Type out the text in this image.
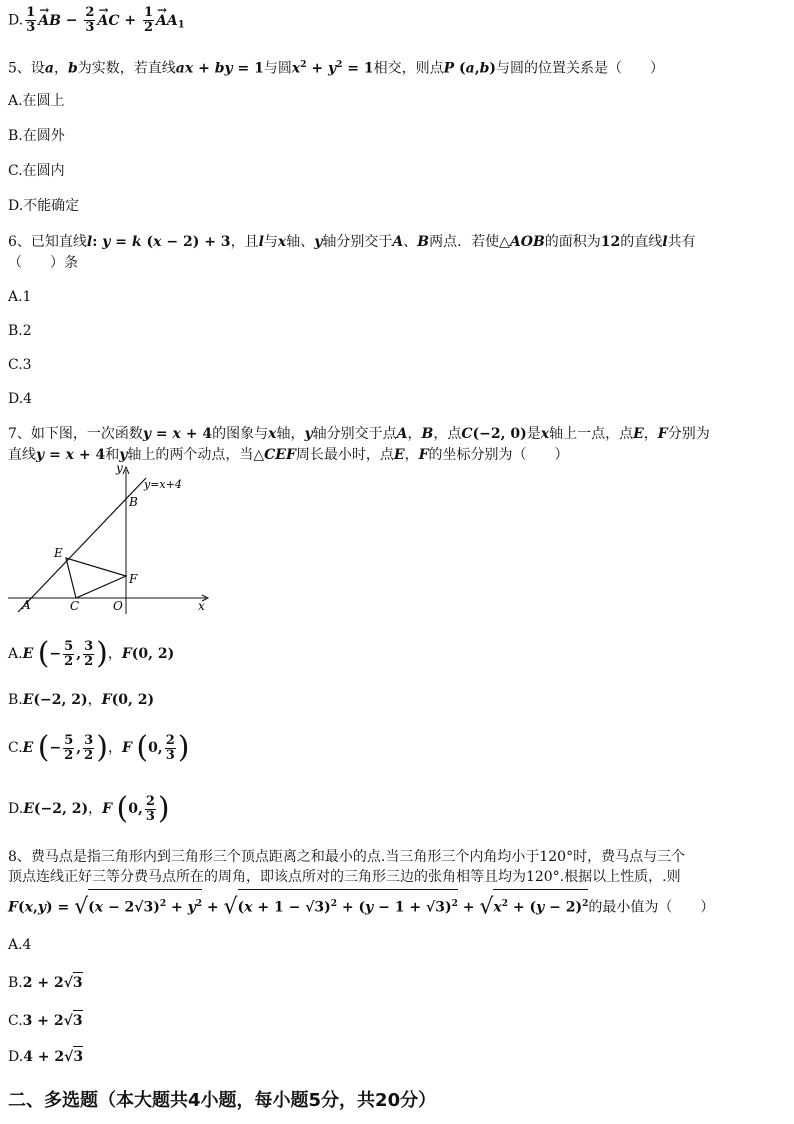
D. $\frac{1}{3}$
→ AB − $\frac{2}{3}$
→ AC + $\frac{1}{2}$
→ $AA_1$
5、设a，b为实数，若直线ax + by = 1与圆$x^2 + y^2 = 1$相交，则点P (a,b)与圆的位置关系是（　　）
A.在圆上
B.在圆外
C.在圆内
D.不能确定
6、已知直线l: y = k (x − 2) + 3，且l与x轴、y轴分别交于A、B两点．若使△AOB的面积为12的直线l共有
（　　）条
A.1
B.2
C.3
D.4
7、如下图，一次函数y = x + 4的图象与x轴，y轴分别交于点A，B，点C(−2, 0)是x轴上一点，点E，F分别为
直线y = x + 4和y轴上的两个动点，当△CEF周长最小时，点E，F的坐标分别为（　　）
y
x
y=x+4
A
B
C	O
E
F
A.E (− $\frac{5}{2}$ , $\frac{3}{2}$ )，F(0, 2)
B.E(−2, 2)，F(0, 2)
C.E (− $\frac{5}{2}$ , $\frac{3}{2}$ )，F (0, $\frac{2}{3}$ )
D.E(−2, 2)，F (0, $\frac{2}{3}$ )
8、费马点是指三角形内到三角形三个顶点距离之和最小的点.当三角形三个内角均小于120°时，费马点与三个
顶点连线正好三等分费马点所在的周角，即该点所对的三角形三边的张角相等且均为120°.根据以上性质，.则
$F(x,y) = √(x - 2√3)^2 + y^2 + √(x + 1 - √3)^2 + (y - 1 + √3)^2 + √x^2 + (y - 2)^2$的最小值为（　　）
A.4
B.2 + 2√3
C.3 + 2√3
D.4 + 2√3
二、多选题（本大题共4小题，每小题5分，共20分）
